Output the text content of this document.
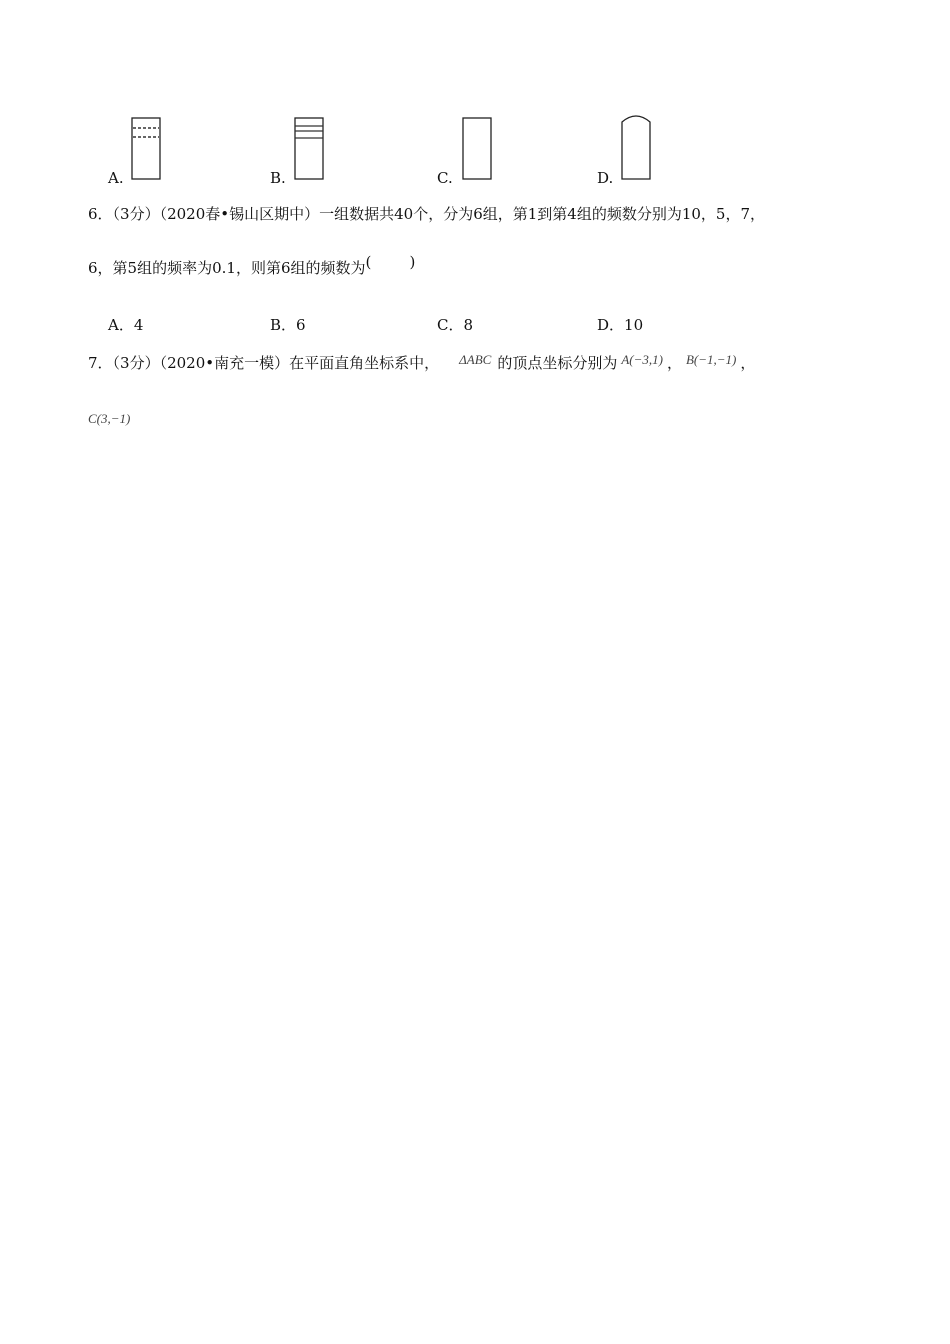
A.	B.	C.	D.
6．（3分）（2020春•锡山区期中）一组数据共40个，分为6组，第1到第4组的频数分别为10，5，7，
6，第5组的频率为0.1，则第6组的频数为(        )
A．4	B．6	C．8	D．10
7．（3分）（2020•南充一模）在平面直角坐标系中， ΔABC 的顶点坐标分别为 A(−3,1) ， B(−1,−1) ，
C(3,−1)
